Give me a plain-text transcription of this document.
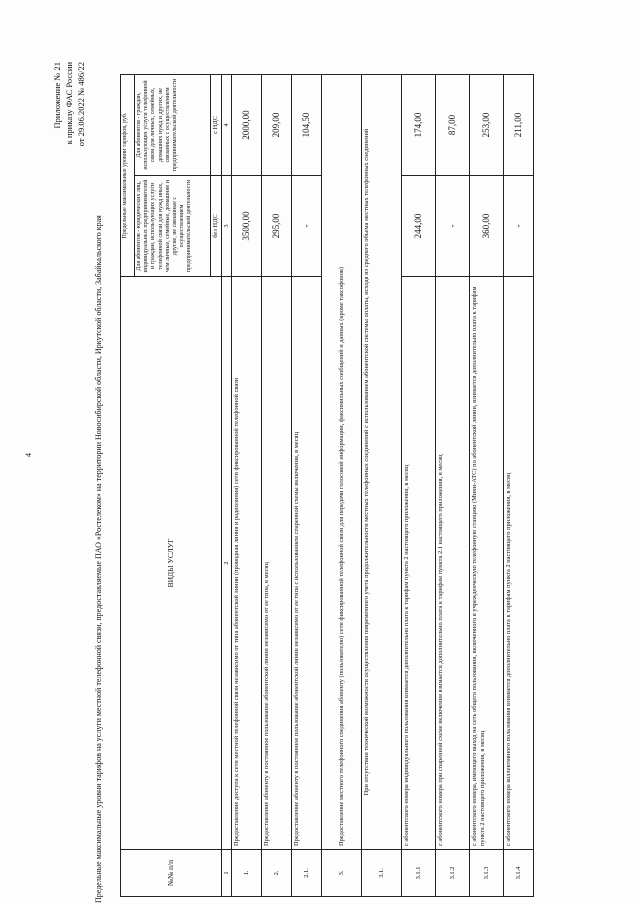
4
Приложение № 21 к приказу ФАС России от 29.06.2022 № 486/22
Предельные максимальные уровни тарифов на услуги местной телефонной связи, предоставляемые ПАО «Ростелеком» на территории Новосибирской области, Иркутской области, Забайкальского края	№№ п/п	ВИДЫ УСЛУГ	Предельные максимальные уровни тарифов, руб.	
		Для абонентов - юридических лиц, индивидуальных предпринимателей и граждан, использующих услуги телефонной связи для нужд иных, чем личные, семейные, домашние и другие, не связанные с осуществлением предпринимательской деятельности	Для абонентов - граждан, использующих услуги телефонной связи для личных, семейных, домашних нужд и других, не связанных с осуществлением предпринимательской деятельности
		без НДС	с НДС
1	2	3	4
1.	Предоставление доступа к сети местной телефонной связи независимо от типа абонентской линии (проводная линия и радиолиния) сети фиксированной телефонной связи	3500,00	2000,00
2.	Предоставление абоненту в постоянное пользование абонентской линии независимо от ее типа, в месяц	295,00	209,00
2.1.	Предоставление абоненту в постоянное пользование абонентской линии независимо от ее типа с использованием спаренной схемы включения, в месяц	-	104,50
3.	Предоставление местного телефонного соединения абоненту (пользователю) сети фиксированной телефонной связи для передачи голосовой информации, факсимильных сообщений и данных (кроме таксофонов)		
3.1.	При отсутствии технической возможности осуществления повременного учета продолжительности местных телефонных соединений с использованием абонентской системы оплаты, исходя из среднего объема местных телефонных соединений		
3.1.1	с абонентского номера индивидуального пользования взимается дополнительно плата к тарифам пункта 2 настоящего приложения, в месяц	244,00	174,00
3.1.2	с абонентского номера при спаренной схеме включения взимается дополнительно плата к тарифам пункта 2.1 настоящего приложения, в месяц	-	87,00
3.1.3	с абонентского номера, имеющего выход на сеть общего пользования, включенного в учрежденческую телефонную станцию (Мини-АТС) по абонентской линии, взимается дополнительно плата к тарифам пункта 2 настоящего приложения, в месяц	360,00	253,00
3.1.4	с абонентского номера коллективного пользования взимается дополнительно плата к тарифам пункта 2 настоящего приложения, в месяц	-	211,00
